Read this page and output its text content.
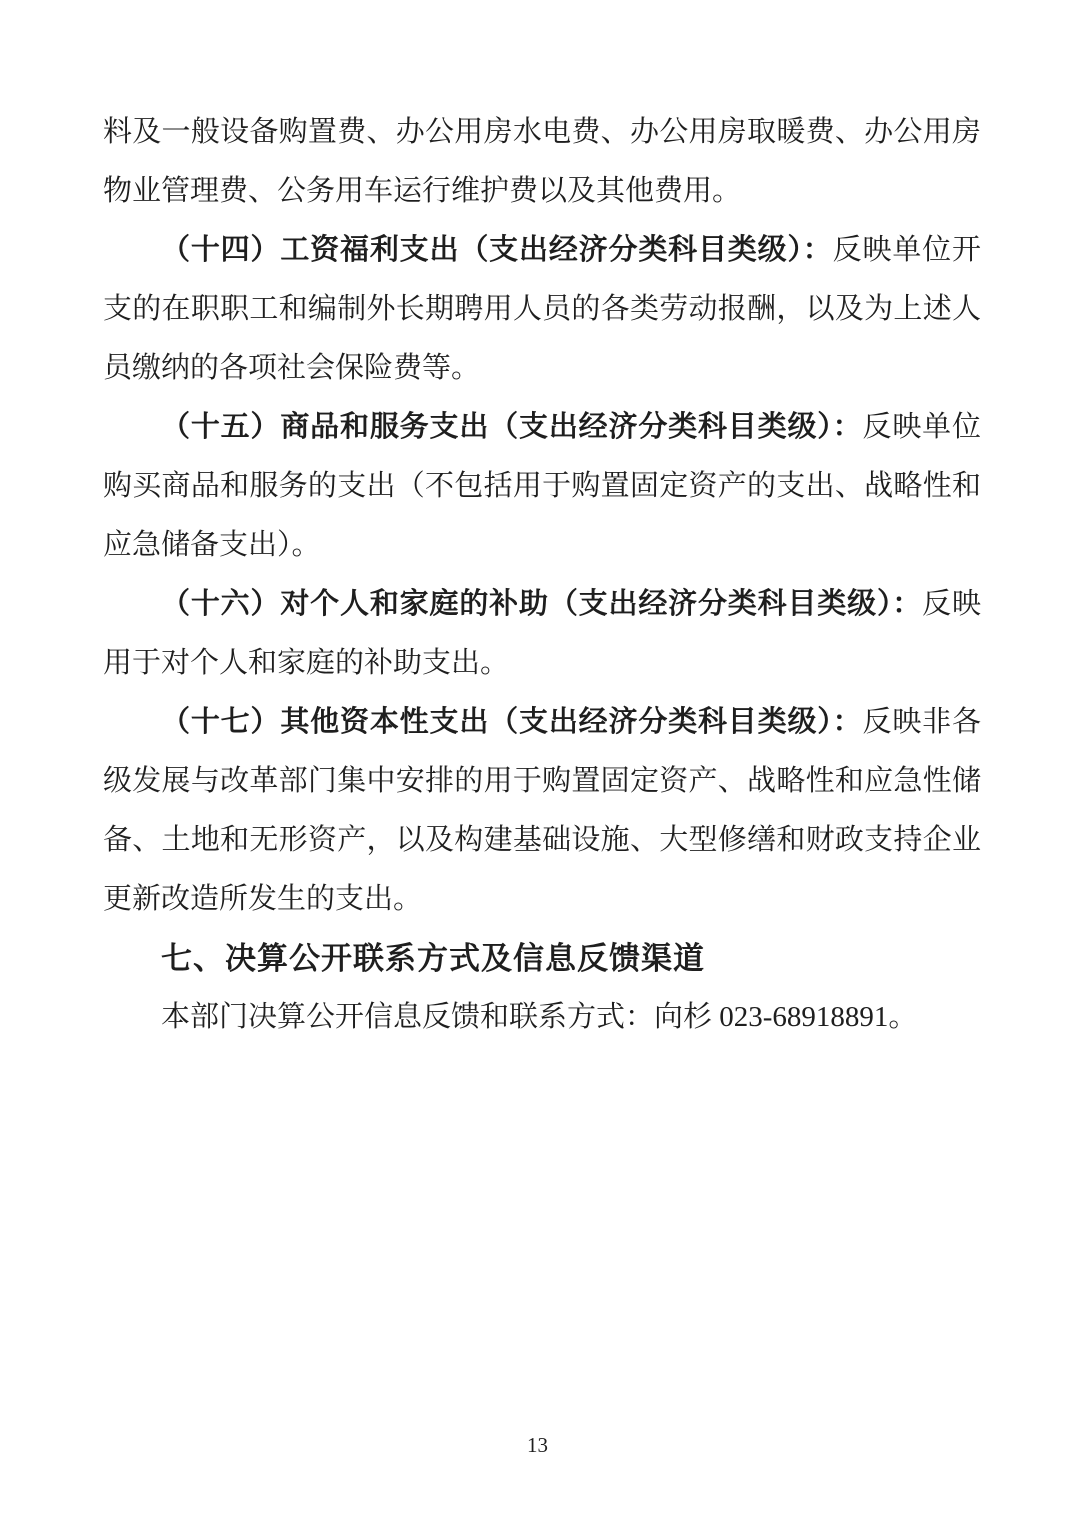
料及一般设备购置费、办公用房水电费、办公用房取暖费、办公用房
物业管理费、公务用车运行维护费以及其他费用。
（十四）工资福利支出（支出经济分类科目类级）：反映单位开
支的在职职工和编制外长期聘用人员的各类劳动报酬，以及为上述人
员缴纳的各项社会保险费等。
（十五）商品和服务支出（支出经济分类科目类级）：反映单位
购买商品和服务的支出（不包括用于购置固定资产的支出、战略性和
应急储备支出）。
（十六）对个人和家庭的补助（支出经济分类科目类级）：反映
用于对个人和家庭的补助支出。
（十七）其他资本性支出（支出经济分类科目类级）：反映非各
级发展与改革部门集中安排的用于购置固定资产、战略性和应急性储
备、土地和无形资产，以及构建基础设施、大型修缮和财政支持企业
更新改造所发生的支出。
七、决算公开联系方式及信息反馈渠道
本部门决算公开信息反馈和联系方式：向杉 023-68918891。
13
